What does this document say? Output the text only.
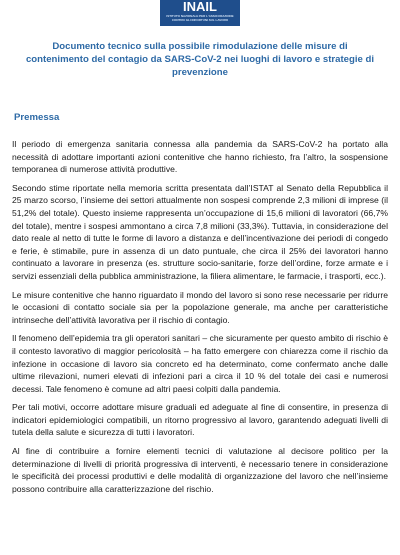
INAIL
ISTITUTO NAZIONALE PER L'ASSICURAZIONE CONTRO GLI INFORTUNI SUL LAVORO
Documento tecnico sulla possibile rimodulazione delle misure di contenimento del contagio da SARS-CoV-2 nei luoghi di lavoro e strategie di prevenzione
Premessa

Il periodo di emergenza sanitaria connessa alla pandemia da SARS-CoV-2 ha portato alla necessità di adottare importanti azioni contenitive che hanno richiesto, fra l’altro, la sospensione temporanea di numerose attività produttive.

Secondo stime riportate nella memoria scritta presentata dall’ISTAT al Senato della Repubblica il 25 marzo scorso, l’insieme dei settori attualmente non sospesi comprende 2,3 milioni di imprese (il 51,2% del totale). Questo insieme rappresenta un’occupazione di 15,6 milioni di lavoratori (66,7% del totale), mentre i sospesi ammontano a circa 7,8 milioni (33,3%). Tuttavia, in considerazione del dato reale al netto di tutte le forme di lavoro a distanza e dell’incentivazione dei periodi di congedo e ferie, è stimabile, pure in assenza di un dato puntuale, che circa il 25% dei lavoratori hanno continuato a lavorare in presenza (es. strutture socio-sanitarie, forze dell’ordine, forze armate e i servizi essenziali della pubblica amministrazione, la filiera alimentare, le farmacie, i trasporti, ecc.).

Le misure contenitive che hanno riguardato il mondo del lavoro si sono rese necessarie per ridurre le occasioni di contatto sociale sia per la popolazione generale, ma anche per caratteristiche intrinseche dell’attività lavorativa per il rischio di contagio.

Il fenomeno dell’epidemia tra gli operatori sanitari – che sicuramente per questo ambito di rischio è il contesto lavorativo di maggior pericolosità – ha fatto emergere con chiarezza come il rischio da infezione in occasione di lavoro sia concreto ed ha determinato, come confermato anche dalle ultime rilevazioni, numeri elevati di infezioni pari a circa il 10 % del totale dei casi e numerosi decessi. Tale fenomeno è comune ad altri paesi colpiti dalla pandemia.

Per tali motivi, occorre adottare misure graduali ed adeguate al fine di consentire, in presenza di indicatori epidemiologici compatibili, un ritorno progressivo al lavoro, garantendo adeguati livelli di tutela della salute e sicurezza di tutti i lavoratori.

Al fine di contribuire a fornire elementi tecnici di valutazione al decisore politico per la determinazione di livelli di priorità progressiva di interventi, è necessario tenere in considerazione le specificità dei processi produttivi e delle modalità di organizzazione del lavoro che nell’insieme possono contribuire alla caratterizzazione del rischio.
